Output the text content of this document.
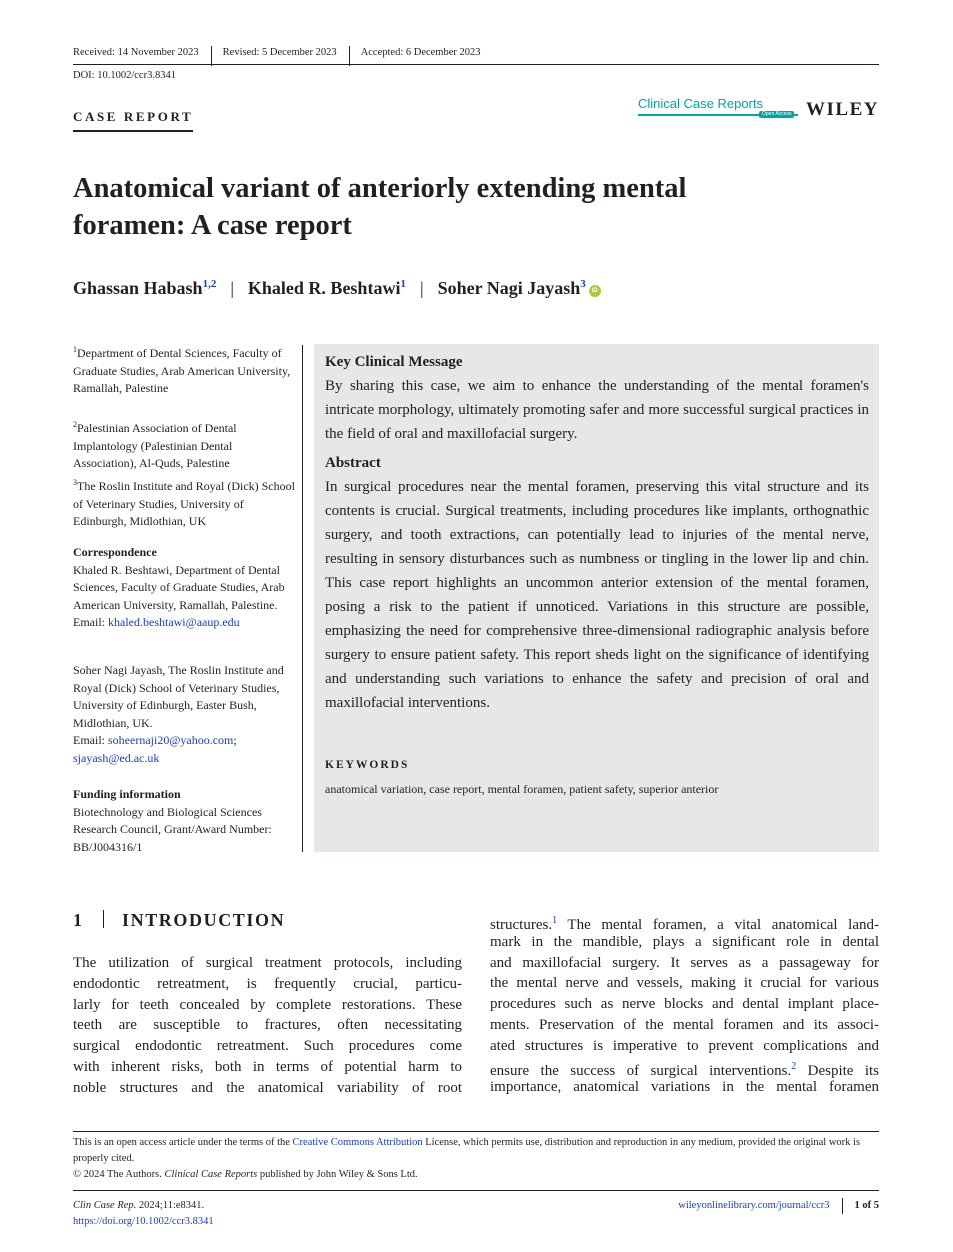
Received: 14 November 2023	Revised: 5 December 2023	Accepted: 6 December 2023
DOI: 10.1002/ccr3.8341
CASE REPORT
Clinical Case Reports
Open Access WILEY
Anatomical variant of anteriorly extending mental
foramen: A case report
Ghassan Habash$^{1,2}$ | Khaled R. Beshtawi$^1$ | Soher Nagi Jayash$^3$iD
$^1$Department of Dental Sciences, Faculty of Graduate Studies, Arab American University, Ramallah, Palestine
$^2$Palestinian Association of Dental Implantology (Palestinian Dental Association), Al-Quds, Palestine
$^3$The Roslin Institute and Royal (Dick) School of Veterinary Studies, University of Edinburgh, Midlothian, UK
Correspondence
Khaled R. Beshtawi, Department of Dental Sciences, Faculty of Graduate Studies, Arab American University, Ramallah, Palestine.
Email: khaled.beshtawi@aaup.edu
Soher Nagi Jayash, The Roslin Institute and Royal (Dick) School of Veterinary Studies, University of Edinburgh, Easter Bush, Midlothian, UK.
Email: soheernaji20@yahoo.com;
sjayash@ed.ac.uk
Funding information
Biotechnology and Biological Sciences Research Council, Grant/Award Number: BB/J004316/1
Key Clinical Message
By sharing this case, we aim to enhance the understanding of the mental foramen's intricate morphology, ultimately promoting safer and more successful surgical practices in the field of oral and maxillofacial surgery.
Abstract
In surgical procedures near the mental foramen, preserving this vital structure and its contents is crucial. Surgical treatments, including procedures like implants, orthognathic surgery, and tooth extractions, can potentially lead to injuries of the mental nerve, resulting in sensory disturbances such as numbness or tingling in the lower lip and chin. This case report highlights an uncommon anterior extension of the mental foramen, posing a risk to the patient if unnoticed. Variations in this structure are possible, emphasizing the need for comprehensive three-dimensional radiographic analysis before surgery to ensure patient safety. This report sheds light on the significance of identifying and understanding such variations to enhance the safety and precision of oral and maxillofacial interventions.
KEYWORDS
anatomical variation, case report, mental foramen, patient safety, superior anterior
1 INTRODUCTION
The utilization of surgical treatment protocols, including
endodontic retreatment, is frequently crucial, particu-
larly for teeth concealed by complete restorations. These
teeth are susceptible to fractures, often necessitating
surgical endodontic retreatment. Such procedures come
with inherent risks, both in terms of potential harm to
noble structures and the anatomical variability of root
structures.$^1$ The mental foramen, a vital anatomical land-
mark in the mandible, plays a significant role in dental
and maxillofacial surgery. It serves as a passageway for
the mental nerve and vessels, making it crucial for various
procedures such as nerve blocks and dental implant place-
ments. Preservation of the mental foramen and its associ-
ated structures is imperative to prevent complications and
ensure the success of surgical interventions.$^2$ Despite its
importance, anatomical variations in the mental foramen
This is an open access article under the terms of the Creative Commons Attribution License, which permits use, distribution and reproduction in any medium, provided the original work is properly cited.
© 2024 The Authors. Clinical Case Reports published by John Wiley & Sons Ltd.
Clin Case Rep. 2024;11:e8341.
https://doi.org/10.1002/ccr3.8341
wileyonlinelibrary.com/journal/ccr3	1 of 5
